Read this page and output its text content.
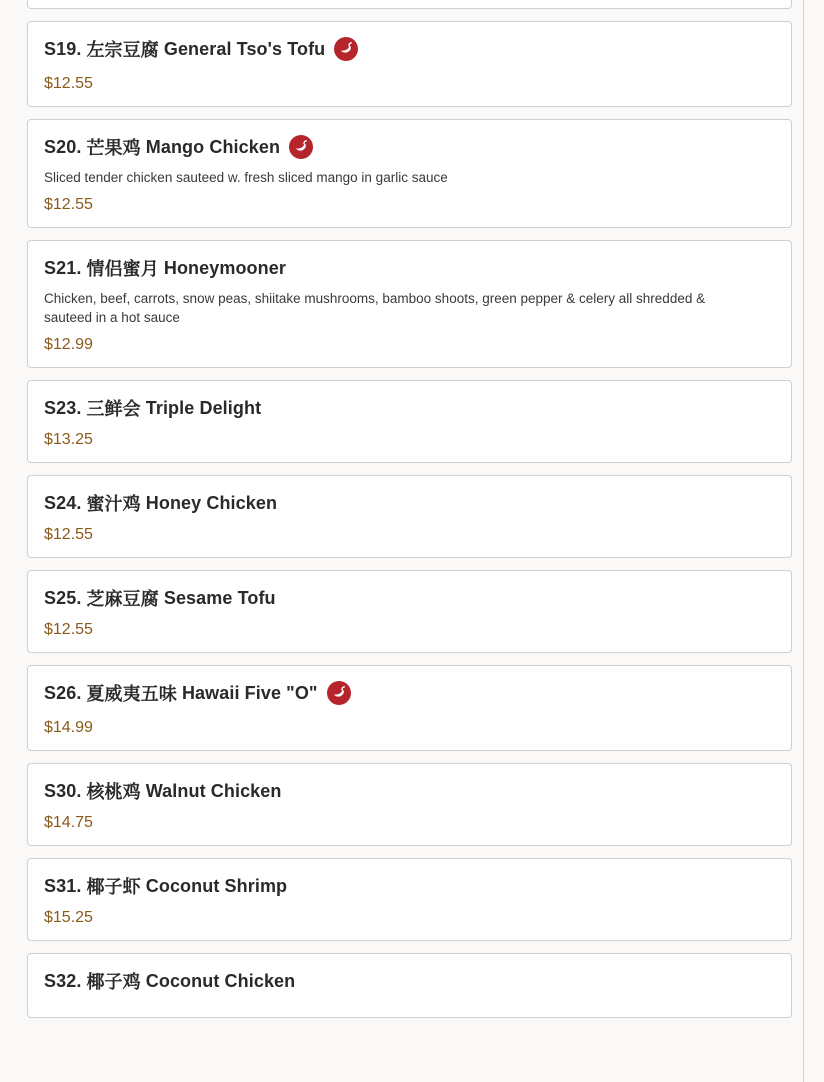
S19. 左宗豆腐 General Tso's Tofu
$12.55
S20. 芒果鸡 Mango Chicken
Sliced tender chicken sauteed w. fresh sliced mango in garlic sauce
$12.55
S21. 情侣蜜月 Honeymooner
Chicken, beef, carrots, snow peas, shiitake mushrooms, bamboo shoots, green pepper & celery all shredded & sauteed in a hot sauce
$12.99
S23. 三鲜会 Triple Delight
$13.25
S24. 蜜汁鸡 Honey Chicken
$12.55
S25. 芝麻豆腐 Sesame Tofu
$12.55
S26. 夏威夷五味 Hawaii Five "O"
$14.99
S30. 核桃鸡 Walnut Chicken
$14.75
S31. 椰子虾 Coconut Shrimp
$15.25
S32. 椰子鸡 Coconut Chicken
